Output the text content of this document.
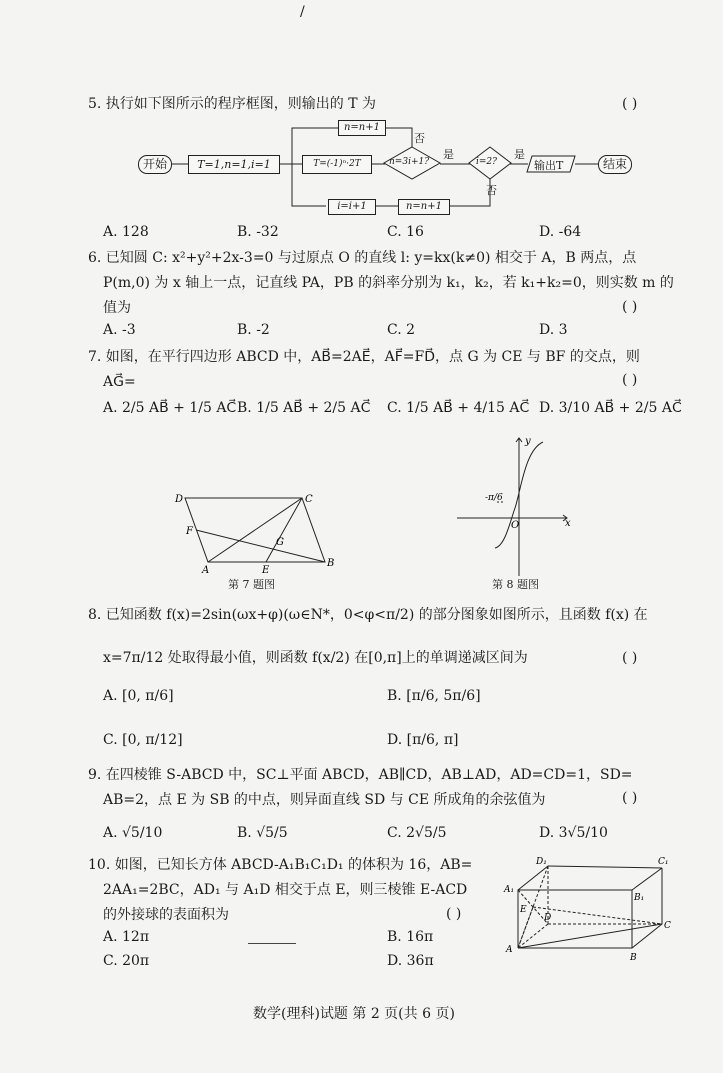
/
5. 执行如下图所示的程序框图，则输出的 T 为	( )
开始	T=1,n=1,i=1	T=(-1)ⁿ·2T	n=3i+1?	i=2?	输出T	结束
n=n+1
i=i+1	n=n+1
是
否
是
否
A. 128	B. -32	C. 16	D. -64
6. 已知圆 C: x²+y²+2x-3=0 与过原点 O 的直线 l: y=kx(k≠0) 相交于 A，B 两点，点
P(m,0) 为 x 轴上一点，记直线 PA，PB 的斜率分别为 k₁，k₂，若 k₁+k₂=0，则实数 m 的
值为	( )
A. -3	B. -2	C. 2	D. 3
7. 如图，在平行四边形 ABCD 中，AB⃗=2AE⃗，AF⃗=FD⃗，点 G 为 CE 与 BF 的交点，则
AG⃗=	( )
A. 2/5 AB⃗ + 1/5 AC⃗ B. 1/5 AB⃗ + 2/5 AC⃗ C. 1/5 AB⃗ + 4/15 AC⃗ D. 3/10 AB⃗ + 2/5 AC⃗
D	C
F
G
A	E
B
第 7 题图
y
x
O
-π/6
第 8 题图
8. 已知函数 f(x)=2sin(ωx+φ)(ω∈N*，0<φ<π/2) 的部分图象如图所示，且函数 f(x) 在
x=7π/12 处取得最小值，则函数 f(x/2) 在[0,π]上的单调递减区间为	( )
A. [0, π/6]	B. [π/6, 5π/6]
C. [0, π/12]	D. [π/6, π]
9. 在四棱锥 S-ABCD 中，SC⊥平面 ABCD，AB∥CD，AB⊥AD，AD=CD=1，SD=
AB=2，点 E 为 SB 的中点，则异面直线 SD 与 CE 所成角的余弦值为	( )
A. √5/10	B. √5/5	C. 2√5/5	D. 3√5/10
10. 如图，已知长方体 ABCD-A₁B₁C₁D₁ 的体积为 16，AB=
2AA₁=2BC，AD₁ 与 A₁D 相交于点 E，则三棱锥 E-ACD
的外接球的表面积为	( )
A. 12π	B. 16π
C. 20π	D. 36π
D₁	C₁
A₁
B₁
E
D
C
A
B
数学(理科)试题 第 2 页(共 6 页)
